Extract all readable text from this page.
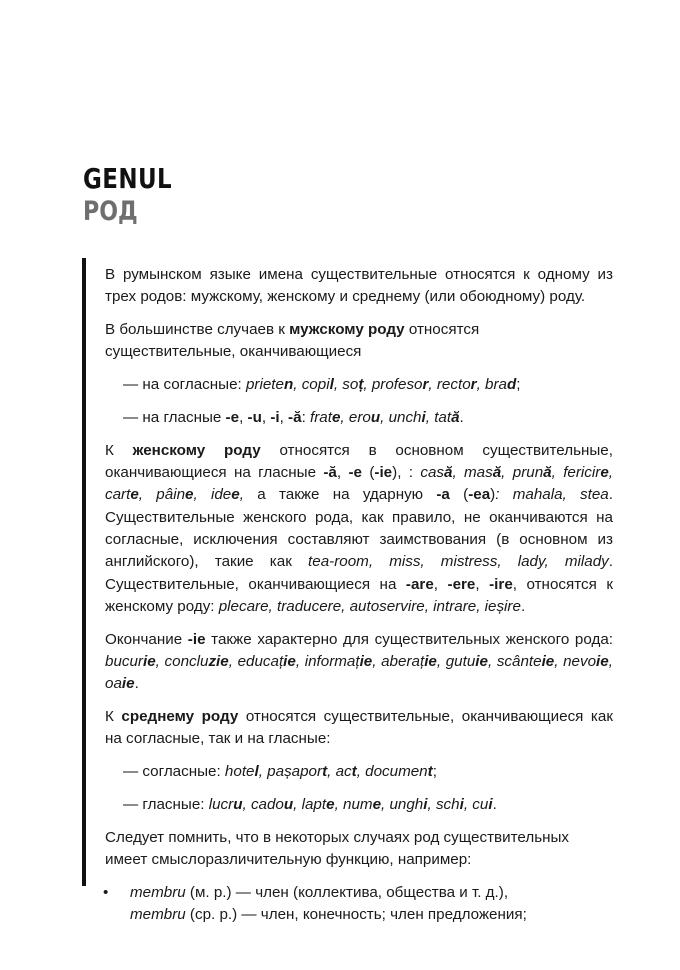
GENUL
РОД

В румынском языке имена существительные относятся к одному из трех родов: мужскому, женскому и среднему (или обоюдному) роду.

В большинстве случаев к мужскому роду относятся существительные, оканчивающиеся

— на согласные: prieten, copil, soț, profesor, rector, brad;

— на гласные -e, -u, -i, -ă: frate, erou, unchi, tată.

К женскому роду относятся в основном существительные, оканчивающиеся на гласные -ă, -e (-ie), : casă, masă, prună, fericire, carte, pâine, idee, а также на ударную -a (-ea): mahala, stea. Существительные женского рода, как правило, не оканчиваются на согласные, исключения составляют заимствования (в основном из английского), такие как tea-room, miss, mistress, lady, milady. Существительные, оканчивающиеся на -are, -ere, -ire, относятся к женскому роду: plecare, traducere, autoservire, intrare, ieșire.

Окончание -ie также характерно для существительных женского рода: bucurie, concluzie, educație, informație, aberație, gutuie, scânteie, nevoie, oaie.

К среднему роду относятся существительные, оканчивающиеся как на согласные, так и на гласные:

— согласные: hotel, pașaport, act, document;

— гласные: lucru, cadou, lapte, nume, unghi, schi, cui.

Следует помнить, что в некоторых случаях род существительных имеет смыслоразличительную функцию, например:

• membru (м. р.) — член (коллектива, общества и т. д.),
membru (ср. р.) — член, конечность; член предложения;
